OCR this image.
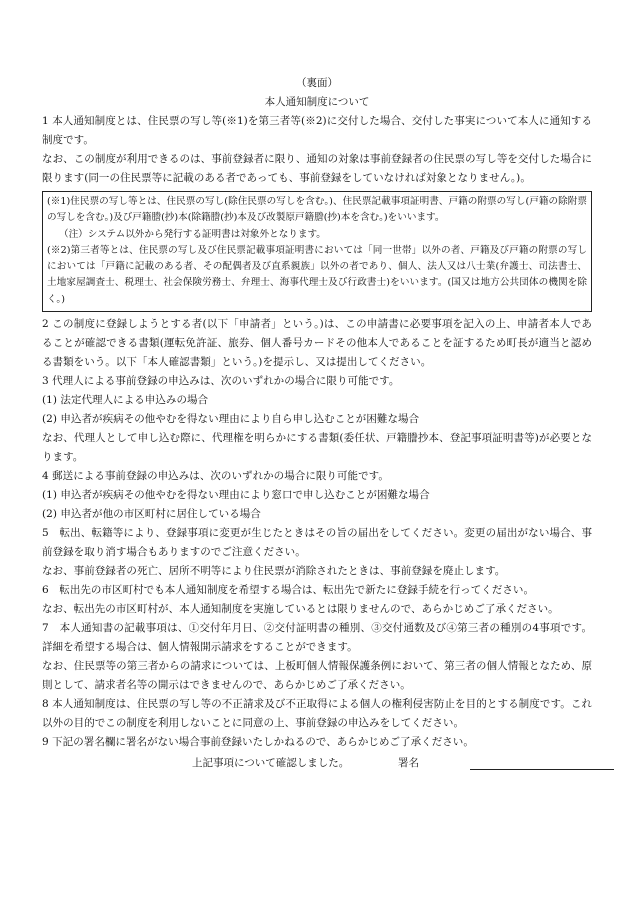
（裏面）
本人通知制度について

1 本人通知制度とは、住民票の写し等(※1)を第三者等(※2)に交付した場合、交付した事実について本人に通知する制度です。

なお、この制度が利用できるのは、事前登録者に限り、通知の対象は事前登録者の住民票の写し等を交付した場合に限ります(同一の住民票等に記載のある者であっても、事前登録をしていなければ対象となりません。)。

(※1)住民票の写し等とは、住民票の写し(除住民票の写しを含む。)、住民票記載事項証明書、戸籍の附票の写し(戸籍の除附票の写しを含む。)及び戸籍謄(抄)本(除籍謄(抄)本及び改製原戸籍謄(抄)本を含む。)をいいます。

（注）システム以外から発行する証明書は対象外となります。

(※2)第三者等とは、住民票の写し及び住民票記載事項証明書においては「同一世帯」以外の者、戸籍及び戸籍の附票の写しにおいては「戸籍に記載のある者、その配偶者及び直系親族」以外の者であり、個人、法人又は八士業(弁護士、司法書士、土地家屋調査士、税理士、社会保険労務士、弁理士、海事代理士及び行政書士)をいいます。(国又は地方公共団体の機関を除く。)

2 この制度に登録しようとする者(以下「申請者」という。)は、この申請書に必要事項を記入の上、申請者本人であることが確認できる書類(運転免許証、旅券、個人番号カードその他本人であることを証するため町長が適当と認める書類をいう。以下「本人確認書類」という。)を提示し、又は提出してください。

3 代理人による事前登録の申込みは、次のいずれかの場合に限り可能です。

(1) 法定代理人による申込みの場合

(2) 申込者が疾病その他やむを得ない理由により自ら申し込むことが困難な場合

なお、代理人として申し込む際に、代理権を明らかにする書類(委任状、戸籍謄抄本、登記事項証明書等)が必要となります。

4 郵送による事前登録の申込みは、次のいずれかの場合に限り可能です。

(1) 申込者が疾病その他やむを得ない理由により窓口で申し込むことが困難な場合

(2) 申込者が他の市区町村に居住している場合

5　転出、転籍等により、登録事項に変更が生じたときはその旨の届出をしてください。変更の届出がない場合、事前登録を取り消す場合もありますのでご注意ください。

なお、事前登録者の死亡、居所不明等により住民票が消除されたときは、事前登録を廃止します。

6　転出先の市区町村でも本人通知制度を希望する場合は、転出先で新たに登録手続を行ってください。

なお、転出先の市区町村が、本人通知制度を実施しているとは限りませんので、あらかじめご了承ください。

7　本人通知書の記載事項は、①交付年月日、②交付証明書の種別、③交付通数及び④第三者の種別の4事項です。詳細を希望する場合は、個人情報開示請求をすることができます。

なお、住民票等の第三者からの請求については、上板町個人情報保護条例において、第三者の個人情報となため、原則として、請求者名等の開示はできませんので、あらかじめご了承ください。

8 本人通知制度は、住民票の写し等の不正請求及び不正取得による個人の権利侵害防止を目的とする制度です。これ以外の目的でこの制度を利用しないことに同意の上、事前登録の申込みをしてください。

9 下記の署名欄に署名がない場合事前登録いたしかねるので、あらかじめご了承ください。

上記事項について確認しました。	署名
